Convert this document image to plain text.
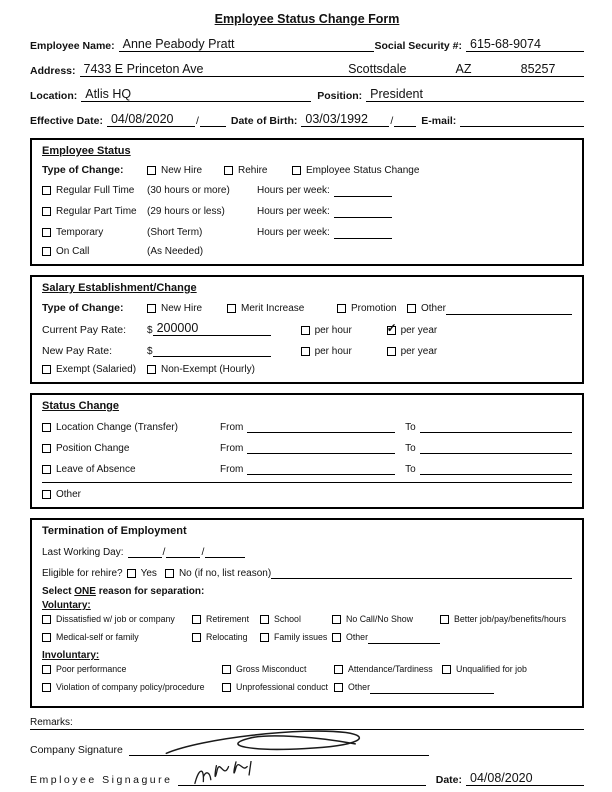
Employee Status Change Form
Employee Name: Anne Peabody Pratt	Social Security #: 615-68-9074
Address: 7433 E Princeton Ave	Scottsdale	AZ	85257
Location: Atlis HQ	Position: President
Effective Date: 04/08/2020 /	Date of Birth: 03/03/1992 /	E-mail:
Employee Status
Type of Change:	New Hire	Rehire	Employee Status Change
Regular Full Time (30 hours or more)	Hours per week:
Regular Part Time (29 hours or less)	Hours per week:
Temporary	(Short Term)	Hours per week:
On Call	(As Needed)
Salary Establishment/Change
Type of Change:	New Hire	Merit Increase	Promotion Other
Current Pay Rate:	$ 200000	per hour	✓ per year
New Pay Rate:	$	per hour	per year
Exempt (Salaried) Non-Exempt (Hourly)
Status Change
Location Change (Transfer)	From	To
Position Change	From	To
Leave of Absence	From	To
Other
Termination of Employment
Last Working Day:	/	/
Eligible for rehire?	Yes No (if no, list reason)
Select ONE reason for separation:
Voluntary:
Dissatisfied w/ job or company	Retirement	School	No Call/No Show	Better job/pay/benefits/hours
Medical-self or family	Relocating	Family issues Other
Involuntary:
Poor performance	Gross Misconduct	Attendance/Tardiness	Unqualified for job
Violation of company policy/procedure	Unprofessional conduct Other
Remarks:
Company Signature
Employee Signagure	Date: 04/08/2020
